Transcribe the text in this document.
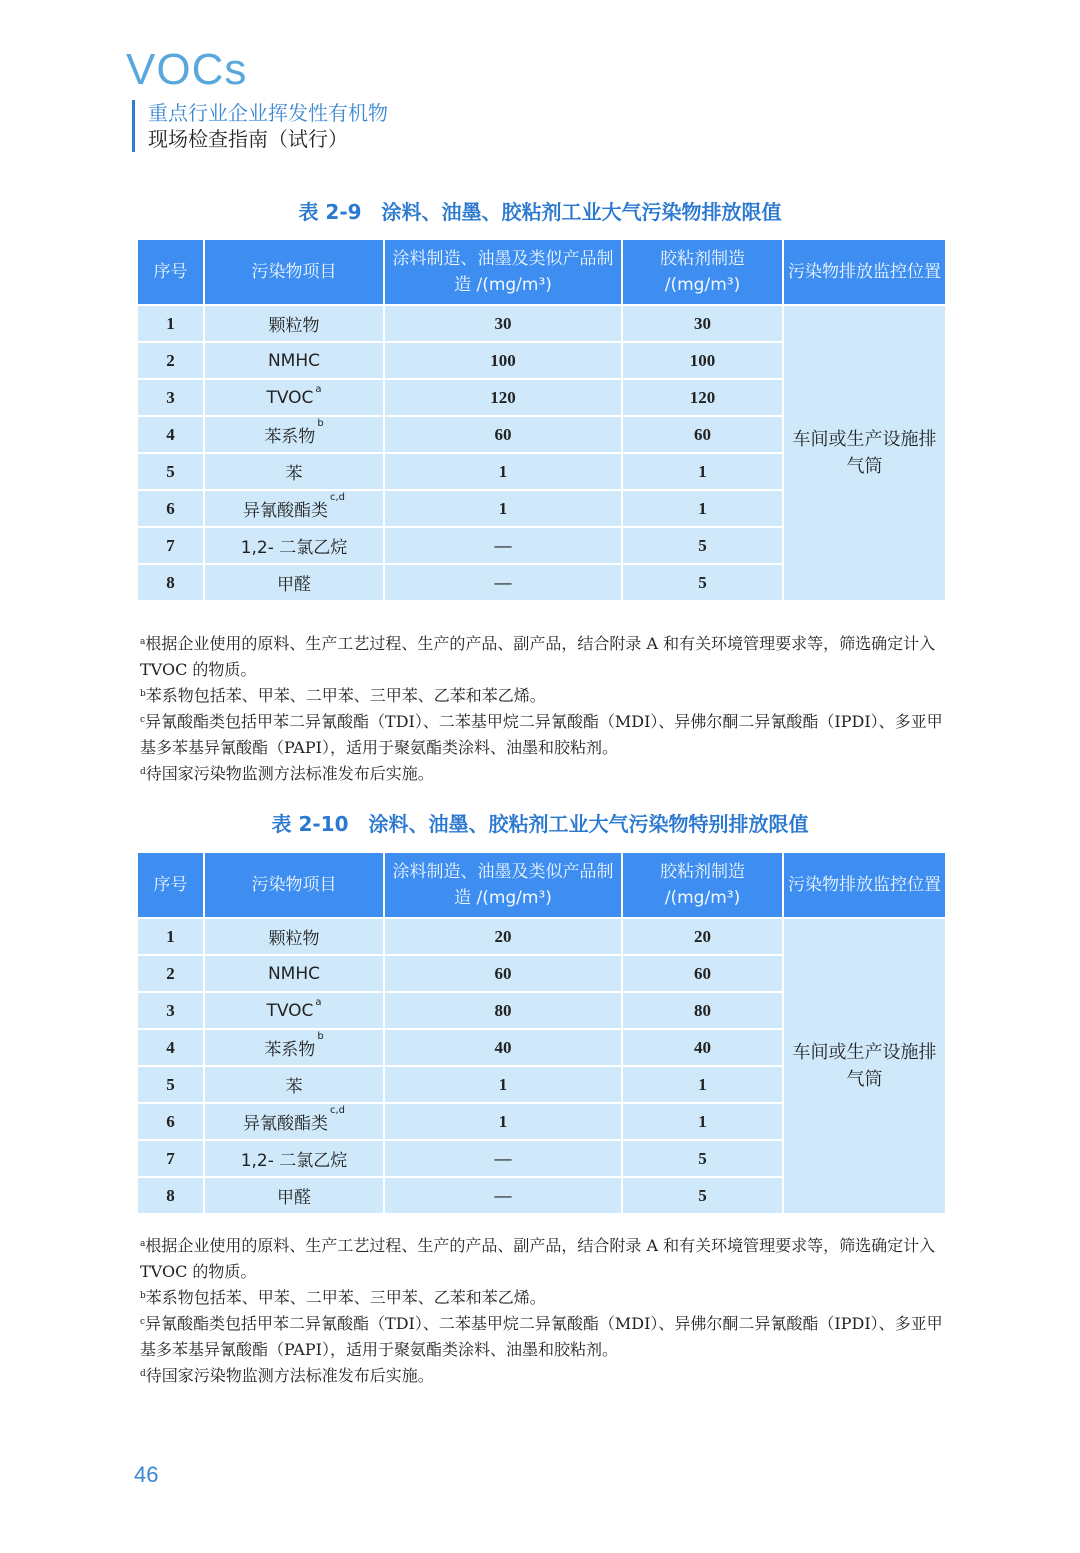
VOCs
重点行业企业挥发性有机物
现场检查指南（试行）
表 2-9　涂料、油墨、胶粘剂工业大气污染物排放限值
序号	污染物项目	涂料制造、油墨及类似产品制造 /(mg/m³)	胶粘剂制造 /(mg/m³)	污染物排放监控位置
1	颗粒物	30	30	车间或生产设施排气筒

2	NMHC	100	100	
3	TVOC $^a$	120	120	
4	苯系物$^b$	60	60	
5	苯	1	1	
6	异氰酸酯类$^{c,d}$	1	1	
7	1,2- 二氯乙烷	—	5	
8	甲醛	—	5	

$^a$根据企业使用的原料、生产工艺过程、生产的产品、副产品，结合附录 A 和有关环境管理要求等，筛选确定计入 TVOC 的物质。

$^b$苯系物包括苯、甲苯、二甲苯、三甲苯、乙苯和苯乙烯。

$^c$异氰酸酯类包括甲苯二异氰酸酯（TDI）、二苯基甲烷二异氰酸酯（MDI）、异佛尔酮二异氰酸酯（IPDI）、多亚甲基多苯基异氰酸酯（PAPI），适用于聚氨酯类涂料、油墨和胶粘剂。

$^d$待国家污染物监测方法标准发布后实施。

表 2-10　涂料、油墨、胶粘剂工业大气污染物特别排放限值
序号	污染物项目	涂料制造、油墨及类似产品制造 /(mg/m³)	胶粘剂制造 /(mg/m³)	污染物排放监控位置
1	颗粒物	20	20	车间或生产设施排气筒

2	NMHC	60	60	
3	TVOC $^a$	80	80	
4	苯系物$^b$	40	40	
5	苯	1	1	
6	异氰酸酯类$^{c,d}$	1	1	
7	1,2- 二氯乙烷	—	5	
8	甲醛	—	5	

$^a$根据企业使用的原料、生产工艺过程、生产的产品、副产品，结合附录 A 和有关环境管理要求等，筛选确定计入 TVOC 的物质。

$^b$苯系物包括苯、甲苯、二甲苯、三甲苯、乙苯和苯乙烯。

$^c$异氰酸酯类包括甲苯二异氰酸酯（TDI）、二苯基甲烷二异氰酸酯（MDI）、异佛尔酮二异氰酸酯（IPDI）、多亚甲基多苯基异氰酸酯（PAPI），适用于聚氨酯类涂料、油墨和胶粘剂。

$^d$待国家污染物监测方法标准发布后实施。

46
